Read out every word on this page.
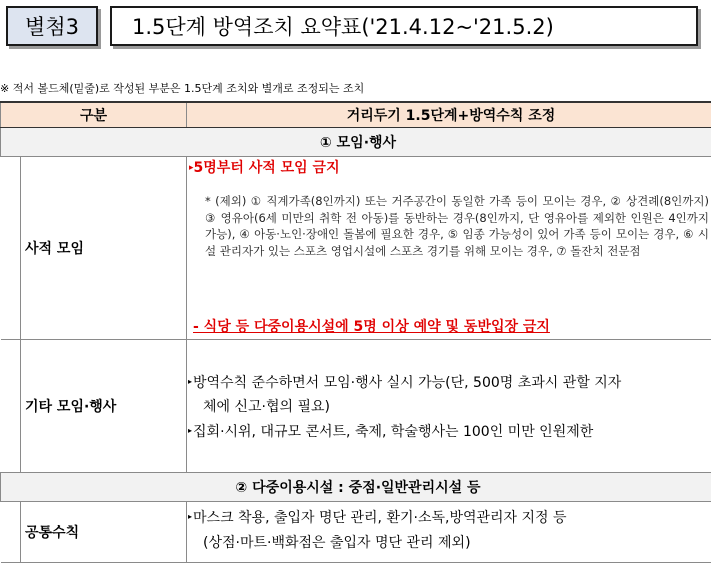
별첨3	1.5단계 방역조치 요약표('21.4.12~'21.5.2)
※ 적서 볼드체(밑줄)로 작성된 부분은 1.5단계 조치와 별개로 조정되는 조치
구분		거리두기 1.5단계+방역수칙 조정
① 모임·행사		
	사적 모임	▸5명부터 사적 모임 금지
* (제외) ① 직계가족(8인까지) 또는 거주공간이 동일한 가족 등이 모이는 경우, ② 상견례(8인까지) ③ 영유아(6세 미만의 취학 전 아동)를 동반하는 경우(8인까지, 단 영유아를 제외한 인원은 4인까지 가능), ④ 아동·노인·장애인 돌봄에 필요한 경우, ⑤ 임종 가능성이 있어 가족 등이 모이는 경우, ⑥ 시설 관리자가 있는 스포츠 영업시설에 스포츠 경기를 위해 모이는 경우, ⑦ 돌잔치 전문점
- 식당 등 다중이용시설에 5명 이상 예약 및 동반입장 금지

	기타 모임·행사	▸방역수칙 준수하면서 모임·행사 실시 가능(단, 500명 초과시 관할 지자
체에 신고·협의 필요)
▸집회·시위, 대규모 콘서트, 축제, 학술행사는 100인 미만 인원제한

② 다중이용시설 : 중점·일반관리시설 등		
	공통수칙	▸마스크 착용, 출입자 명단 관리, 환기·소독,방역관리자 지정 등
(상점·마트·백화점은 출입자 명단 관리 제외)
